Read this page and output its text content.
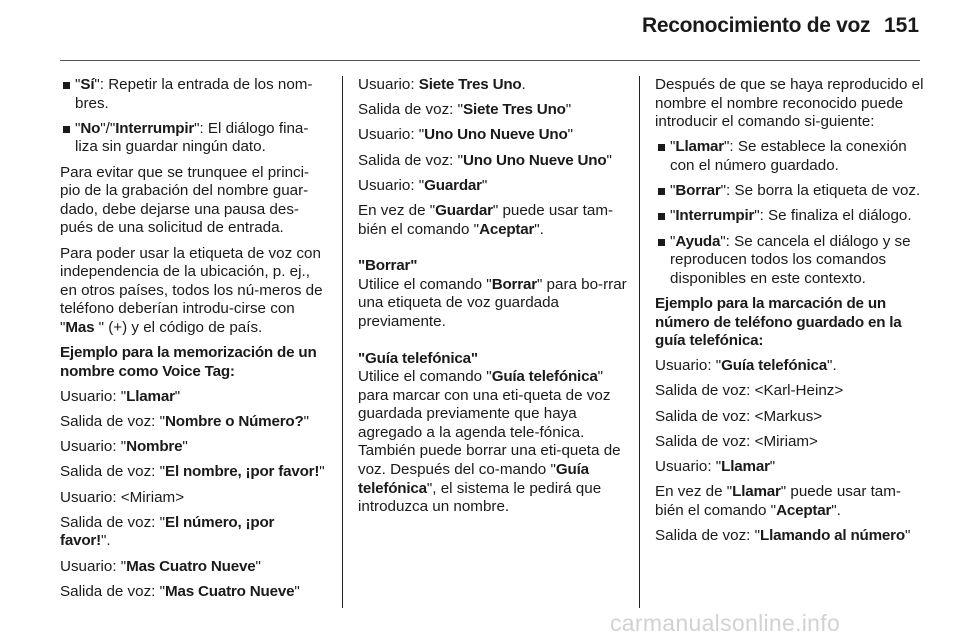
Reconocimiento de voz 151
"Sí": Repetir la entrada de los nom-bres.
"No"/"Interrumpir": El diálogo fina-liza sin guardar ningún dato.

Para evitar que se trunquee el princi-pio de la grabación del nombre guar-dado, debe dejarse una pausa des-pués de una solicitud de entrada.

Para poder usar la etiqueta de voz con independencia de la ubicación, p. ej., en otros países, todos los nú-meros de teléfono deberían introdu-cirse con "Mas " (+) y el código de país.

Ejemplo para la memorización de un nombre como Voice Tag:

Usuario: "Llamar"

Salida de voz: "Nombre o Número?"

Usuario: "Nombre"

Salida de voz: "El nombre, ¡por favor!"

Usuario: <Miriam>

Salida de voz: "El número, ¡por favor!".

Usuario: "Mas Cuatro Nueve"

Salida de voz: "Mas Cuatro Nueve"

Usuario: Siete Tres Uno.

Salida de voz: "Siete Tres Uno"

Usuario: "Uno Uno Nueve Uno"

Salida de voz: "Uno Uno Nueve Uno"

Usuario: "Guardar"

En vez de "Guardar" puede usar tam-bién el comando "Aceptar".

"Borrar"

Utilice el comando "Borrar" para bo-rrar una etiqueta de voz guardada previamente.

"Guía telefónica"

Utilice el comando "Guía telefónica" para marcar con una eti-queta de voz guardada previamente que haya agregado a la agenda tele-fónica. También puede borrar una eti-queta de voz. Después del co-mando "Guía telefónica", el sistema le pedirá que introduzca un nombre.

Después de que se haya reproducido el nombre el nombre reconocido puede introducir el comando si-guiente:

"Llamar": Se establece la conexión con el número guardado.
"Borrar": Se borra la etiqueta de voz.
"Interrumpir": Se finaliza el diálogo.
"Ayuda": Se cancela el diálogo y se reproducen todos los comandos disponibles en este contexto.

Ejemplo para la marcación de un número de teléfono guardado en la guía telefónica:

Usuario: "Guía telefónica".

Salida de voz: <Karl-Heinz>

Salida de voz: <Markus>

Salida de voz: <Miriam>

Usuario: "Llamar"

En vez de "Llamar" puede usar tam-bién el comando "Aceptar".

Salida de voz: "Llamando al número"

carmanualsonline.info
